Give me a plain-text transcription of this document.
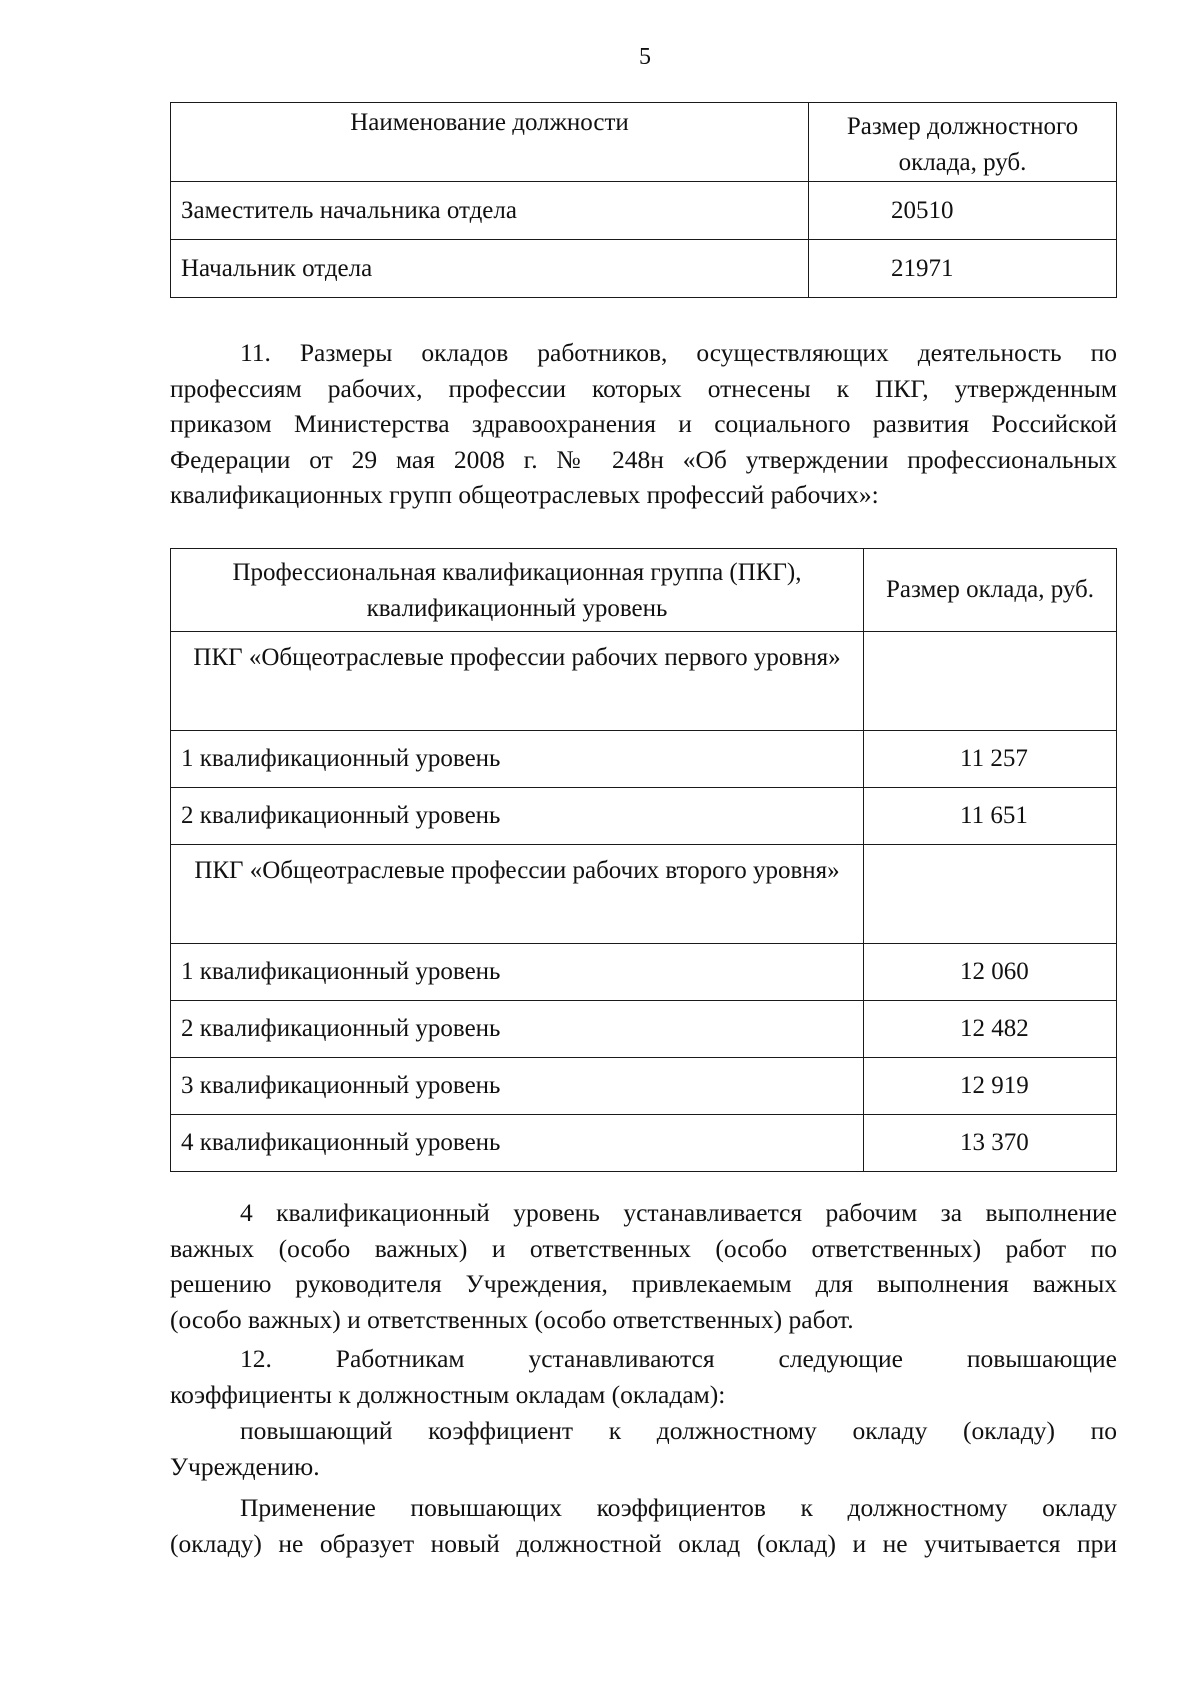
5
Наименование должности	Размер должностного оклада, руб.
Заместитель начальника отдела	20510
Начальник отдела	21971
11. Размеры окладов работников, осуществляющих деятельность по
профессиям рабочих, профессии которых отнесены к ПКГ, утвержденным
приказом Министерства здравоохранения и социального развития Российской
Федерации от 29 мая 2008 г. № 248н «Об утверждении профессиональных
квалификационных групп общеотраслевых профессий рабочих»:
Профессиональная квалификационная группа (ПКГ), квалификационный уровень	Размер оклада, руб.
ПКГ «Общеотраслевые профессии рабочих первого уровня»	
1 квалификационный уровень	11 257
2 квалификационный уровень	11 651
ПКГ «Общеотраслевые профессии рабочих второго уровня»	
1 квалификационный уровень	12 060
2 квалификационный уровень	12 482
3 квалификационный уровень	12 919
4 квалификационный уровень	13 370
4 квалификационный уровень устанавливается рабочим за выполнение
важных (особо важных) и ответственных (особо ответственных) работ по
решению руководителя Учреждения, привлекаемым для выполнения важных
(особо важных) и ответственных (особо ответственных) работ.
12. Работникам устанавливаются следующие повышающие
коэффициенты к должностным окладам (окладам):
повышающий коэффициент к должностному окладу (окладу) по
Учреждению.
Применение повышающих коэффициентов к должностному окладу
(окладу) не образует новый должностной оклад (оклад) и не учитывается при
